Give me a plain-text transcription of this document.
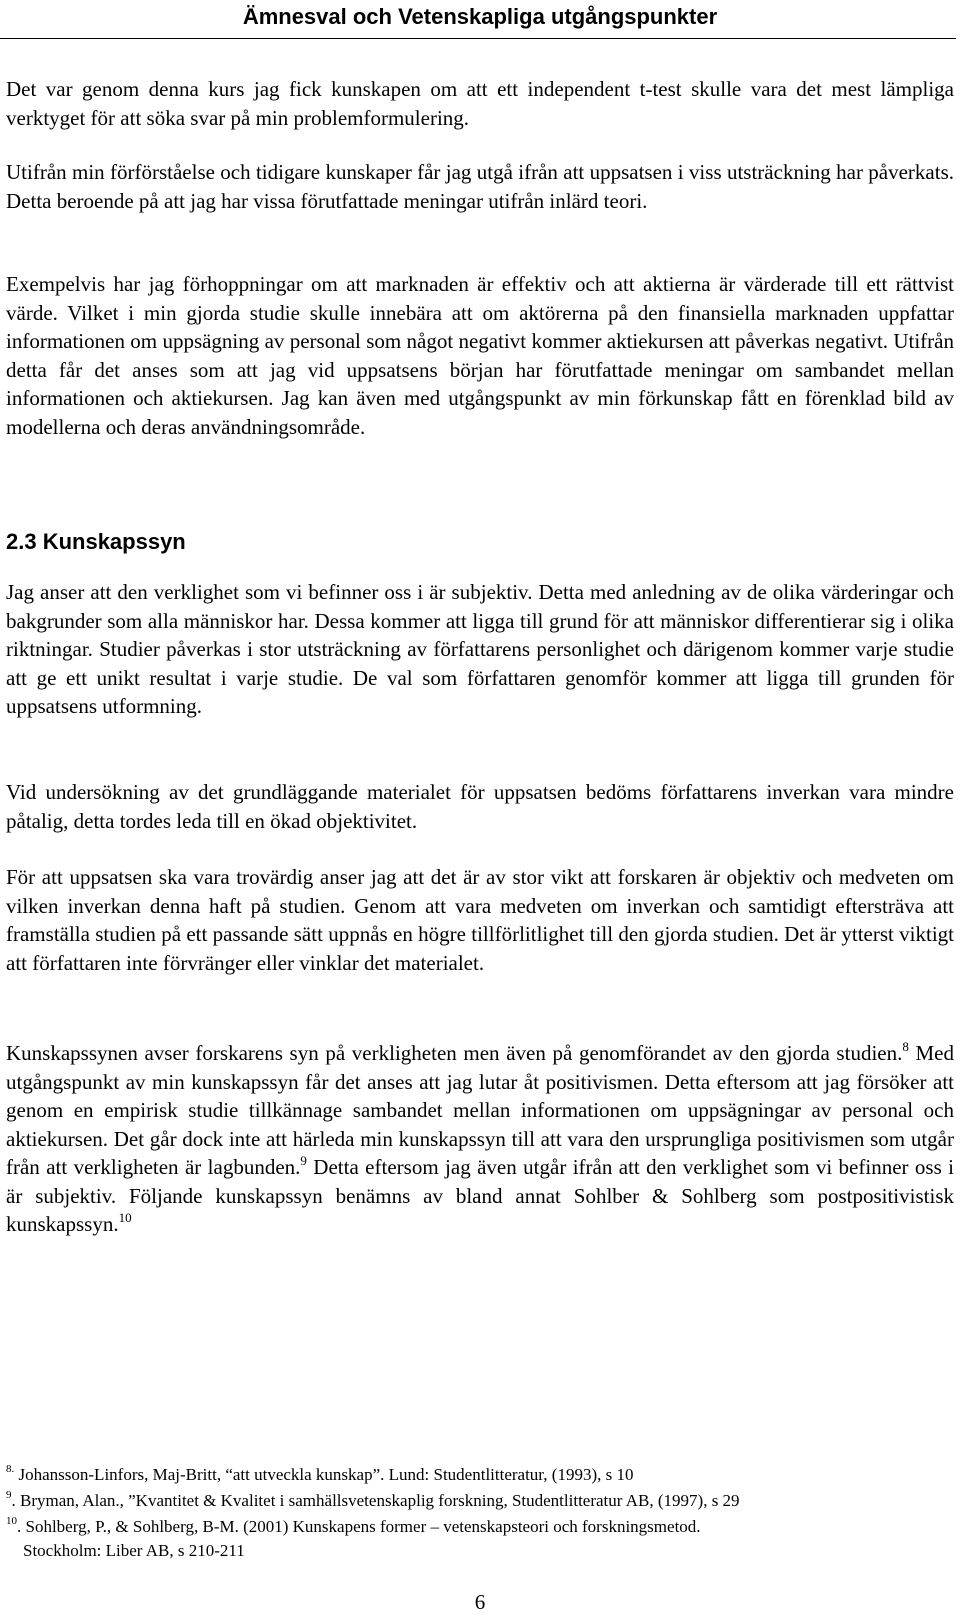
Ämnesval och Vetenskapliga utgångspunkter

Det var genom denna kurs jag fick kunskapen om att ett independent t-test skulle vara det mest lämpliga verktyget för att söka svar på min problemformulering.

Utifrån min förförståelse och tidigare kunskaper får jag utgå ifrån att uppsatsen i viss utsträckning har påverkats. Detta beroende på att jag har vissa förutfattade meningar utifrån inlärd teori.

Exempelvis har jag förhoppningar om att marknaden är effektiv och att aktierna är värderade till ett rättvist värde. Vilket i min gjorda studie skulle innebära att om aktörerna på den finansiella marknaden uppfattar informationen om uppsägning av personal som något negativt kommer aktiekursen att påverkas negativt. Utifrån detta får det anses som att jag vid uppsatsens början har förutfattade meningar om sambandet mellan informationen och aktiekursen. Jag kan även med utgångspunkt av min förkunskap fått en förenklad bild av modellerna och deras användningsområde.

2.3 Kunskapssyn

Jag anser att den verklighet som vi befinner oss i är subjektiv. Detta med anledning av de olika värderingar och bakgrunder som alla människor har. Dessa kommer att ligga till grund för att människor differentierar sig i olika riktningar. Studier påverkas i stor utsträckning av författarens personlighet och därigenom kommer varje studie att ge ett unikt resultat i varje studie. De val som författaren genomför kommer att ligga till grunden för uppsatsens utformning.

Vid undersökning av det grundläggande materialet för uppsatsen bedöms författarens inverkan vara mindre påtalig, detta tordes leda till en ökad objektivitet.

För att uppsatsen ska vara trovärdig anser jag att det är av stor vikt att forskaren är objektiv och medveten om vilken inverkan denna haft på studien. Genom att vara medveten om inverkan och samtidigt eftersträva att framställa studien på ett passande sätt uppnås en högre tillförlitlighet till den gjorda studien. Det är ytterst viktigt att författaren inte förvränger eller vinklar det materialet.

Kunskapssynen avser forskarens syn på verkligheten men även på genomförandet av den gjorda studien.$^8$ Med utgångspunkt av min kunskapssyn får det anses att jag lutar åt positivismen. Detta eftersom att jag försöker att genom en empirisk studie tillkännage sambandet mellan informationen om uppsägningar av personal och aktiekursen. Det går dock inte att härleda min kunskapssyn till att vara den ursprungliga positivismen som utgår från att verkligheten är lagbunden.$^9$ Detta eftersom jag även utgår ifrån att den verklighet som vi befinner oss i är subjektiv. Följande kunskapssyn benämns av bland annat Sohlber & Sohlberg som postpositivistisk kunskapssyn.$^{10}$

$^{8.}$ Johansson-Linfors, Maj-Britt, “att utveckla kunskap”. Lund: Studentlitteratur, (1993), s 10
$^9$. Bryman, Alan., ”Kvantitet & Kvalitet i samhällsvetenskaplig forskning, Studentlitteratur AB, (1997), s 29
$^{10}$. Sohlberg, P., & Sohlberg, B-M. (2001) Kunskapens former – vetenskapsteori och forskningsmetod.
Stockholm: Liber AB, s 210-211
6
